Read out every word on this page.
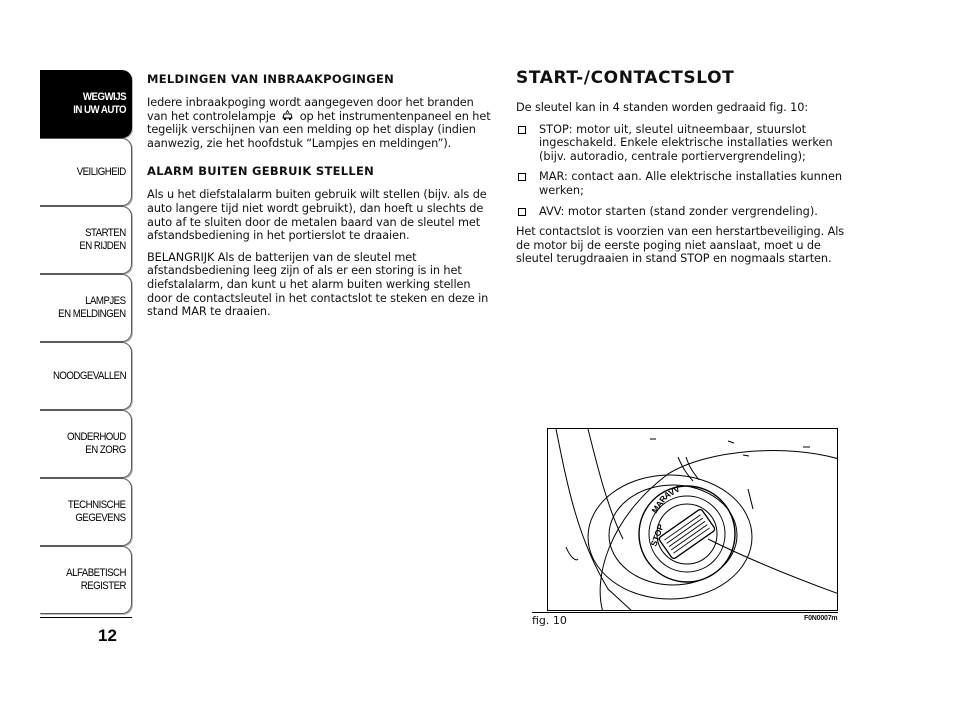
WEGWIJS
IN UW AUTO
VEILIGHEID
STARTEN
EN RIJDEN
LAMPJES
EN MELDINGEN
NOODGEVALLEN
ONDERHOUD
EN ZORG
TECHNISCHE
GEGEVENS
ALFABETISCH
REGISTER
12
MELDINGEN VAN INBRAAKPOGINGEN

Iedere inbraakpoging wordt aangegeven door het branden van het controlelampje op het instrumentenpaneel en het tegelijk verschijnen van een melding op het display (indien aanwezig, zie het hoofdstuk “Lampjes en meldingen”).

ALARM BUITEN GEBRUIK STELLEN

Als u het diefstalalarm buiten gebruik wilt stellen (bijv. als de auto langere tijd niet wordt gebruikt), dan hoeft u slechts de auto af te sluiten door de metalen baard van de sleutel met afstandsbediening in het portierslot te draaien.

BELANGRIJK Als de batterijen van de sleutel met afstandsbediening leeg zijn of als er een storing is in het diefstalalarm, dan kunt u het alarm buiten werking stellen door de contactsleutel in het contactslot te steken en deze in stand MAR te draaien.

START-/CONTACTSLOT

De sleutel kan in 4 standen worden gedraaid fig. 10:

STOP: motor uit, sleutel uitneembaar, stuurslot ingeschakeld. Enkele elektrische installaties werken (bijv. autoradio, centrale portiervergrendeling);
MAR: contact aan. Alle elektrische installaties kunnen werken;
AVV: motor starten (stand zonder vergrendeling).

Het contactslot is voorzien van een herstartbeveiliging. Als de motor bij de eerste poging niet aanslaat, moet u de sleutel terugdraaien in stand STOP en nogmaals starten.

STOP
MAR
AVV
fig. 10	F0N0007m
